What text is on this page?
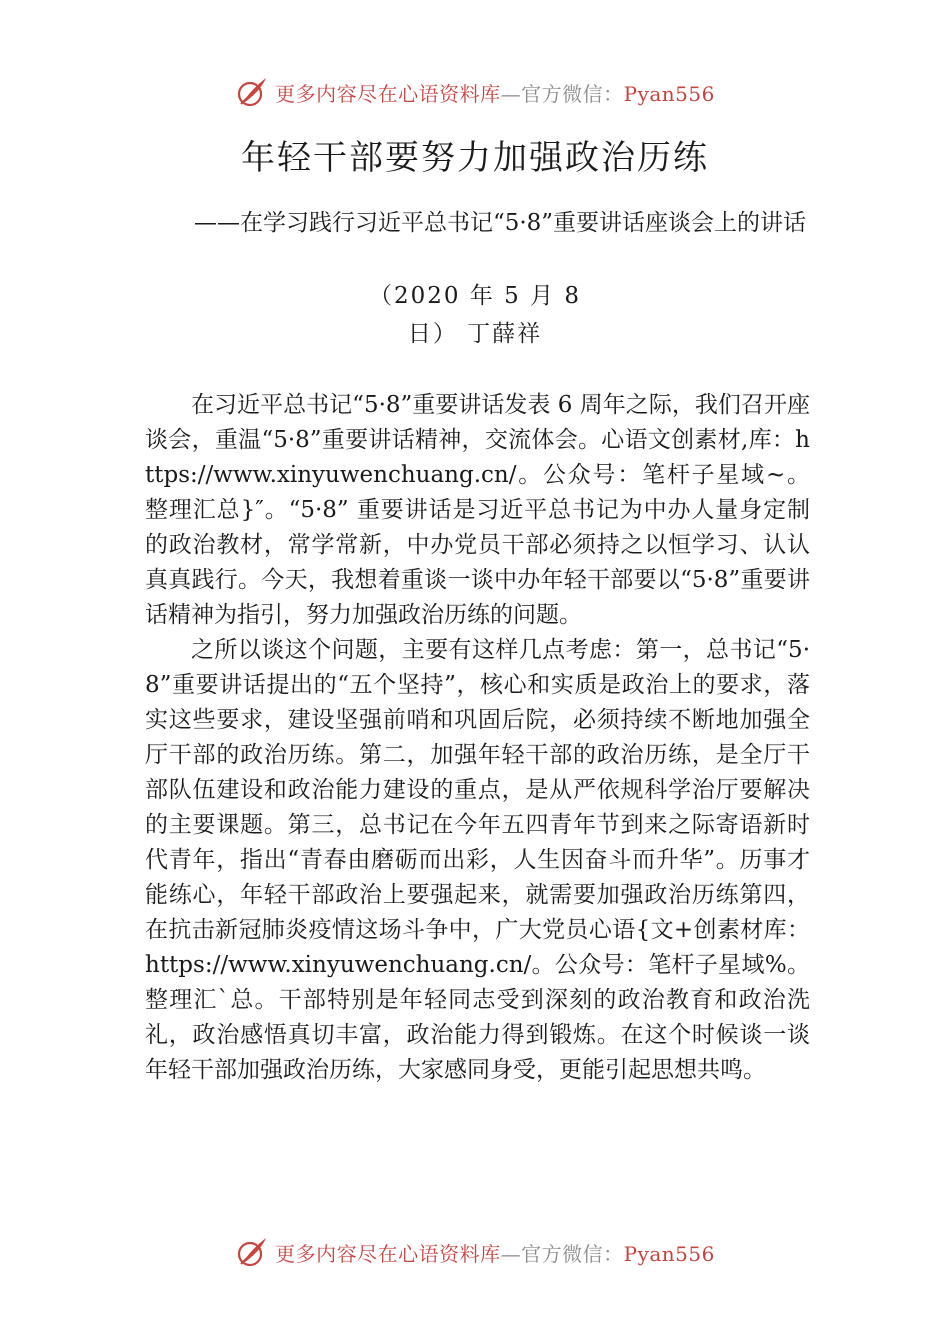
更多内容尽在心语资料库—官方微信：Pyan556
年轻干部要努力加强政治历练
——在学习践行习近平总书记“5·8”重要讲话座谈会上的讲话
（2020 年 5 月 8
日） 丁薛祥

在习近平总书记“5·8”重要讲话发表 6 周年之际，我们召开座谈会，重温“5·8”重要讲话精神，交流体会。心语文创素材,库：https://www.xinyuwenchuang.cn/。公众号：笔杆子星域~。整理汇总}″。“5·8” 重要讲话是习近平总书记为中办人量身定制的政治教材，常学常新，中办党员干部必须持之以恒学习、认认真真践行。今天，我想着重谈一谈中办年轻干部要以“5·8”重要讲话精神为指引，努力加强政治历练的问题。

之所以谈这个问题，主要有这样几点考虑：第一，总书记“5·8”重要讲话提出的“五个坚持”，核心和实质是政治上的要求，落实这些要求，建设坚强前哨和巩固后院，必须持续不断地加强全厅干部的政治历练。第二，加强年轻干部的政治历练，是全厅干部队伍建设和政治能力建设的重点，是从严依规科学治厅要解决的主要课题。第三，总书记在今年五四青年节到来之际寄语新时代青年，指出“青春由磨砺而出彩，人生因奋斗而升华”。历事才能练心，年轻干部政治上要强起来，就需要加强政治历练第四，在抗击新冠肺炎疫情这场斗争中，广大党员心语{文+创素材库：https://www.xinyuwenchuang.cn/。公众号：笔杆子星域%。整理汇`总。干部特别是年轻同志受到深刻的政治教育和政治洗礼，政治感悟真切丰富，政治能力得到锻炼。在这个时候谈一谈年轻干部加强政治历练，大家感同身受，更能引起思想共鸣。

更多内容尽在心语资料库—官方微信：Pyan556
